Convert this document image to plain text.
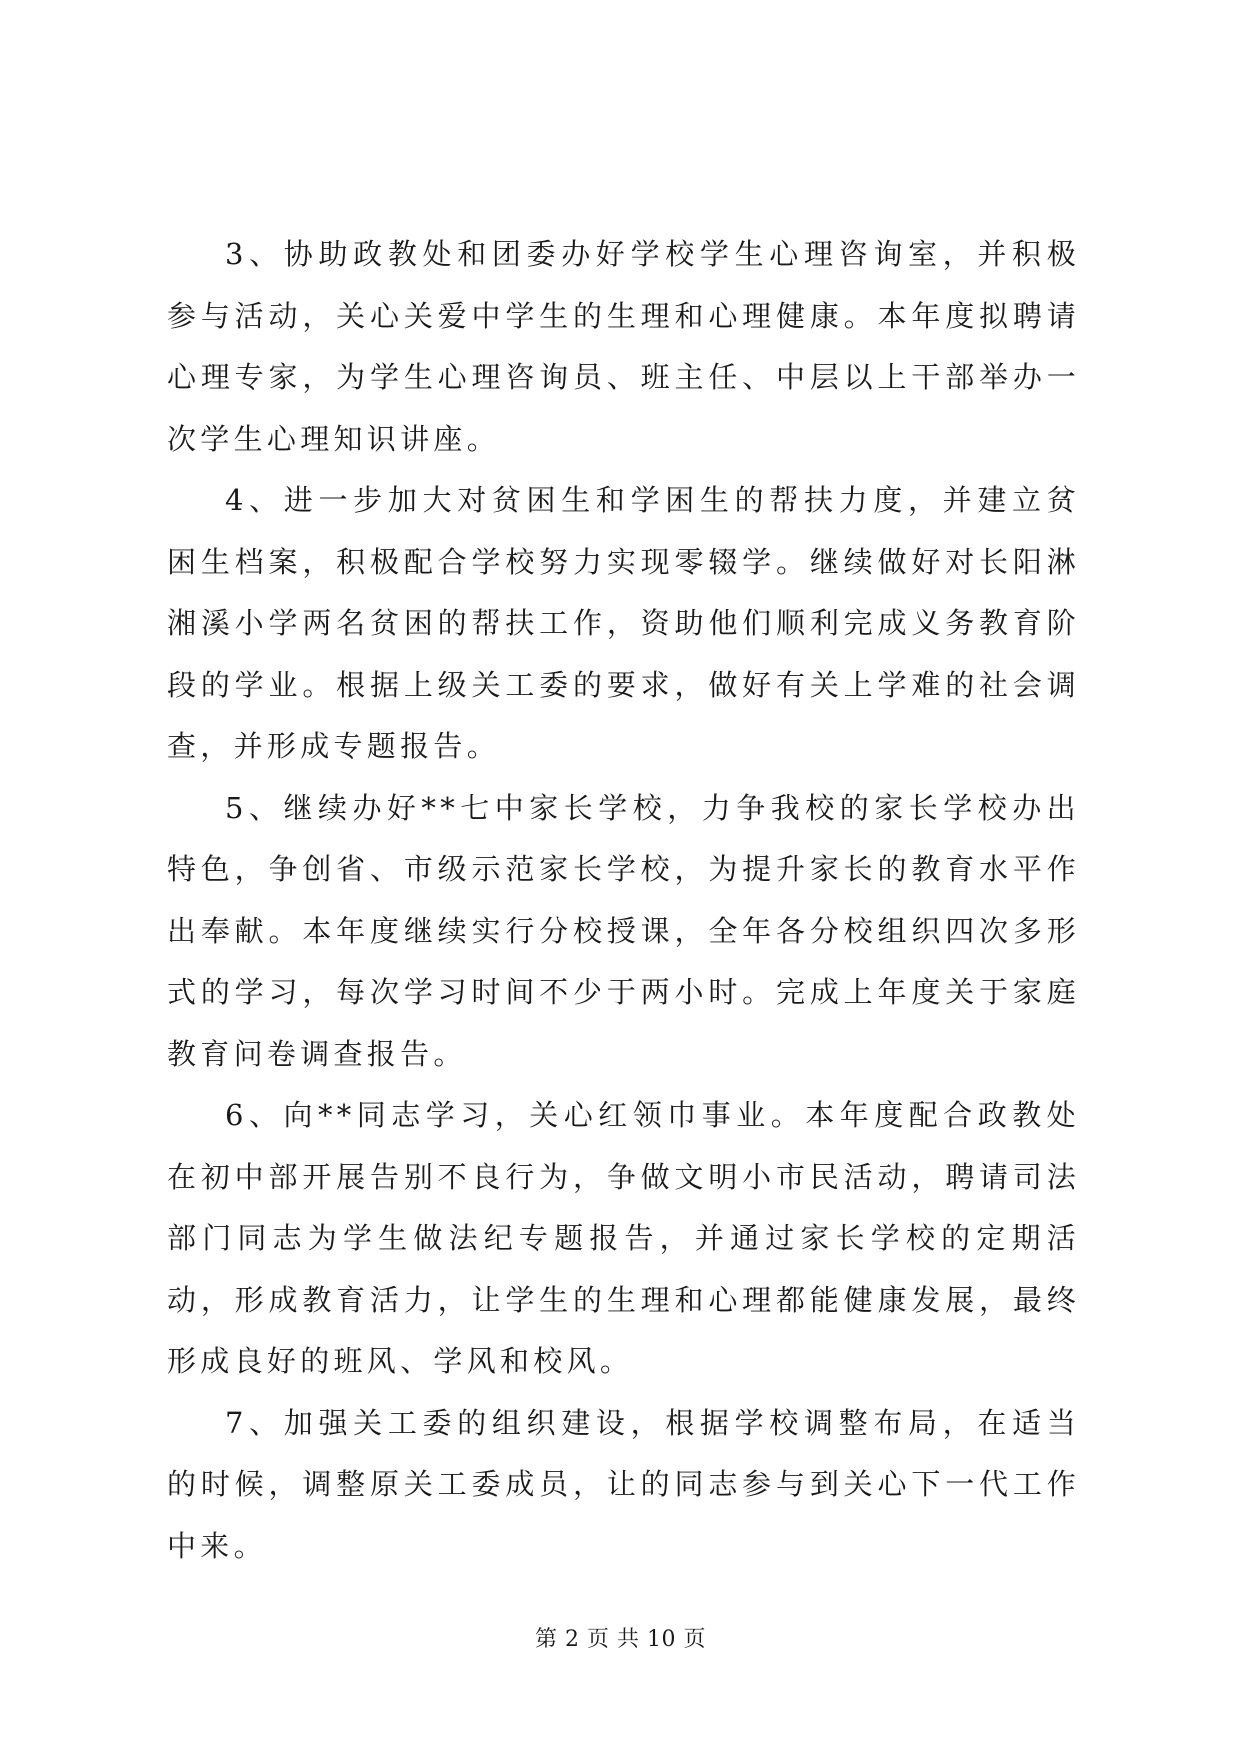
3、协助政教处和团委办好学校学生心理咨询室，并积极参与活动，关心关爱中学生的生理和心理健康。本年度拟聘请心理专家，为学生心理咨询员、班主任、中层以上干部举办一次学生心理知识讲座。

4、进一步加大对贫困生和学困生的帮扶力度，并建立贫困生档案，积极配合学校努力实现零辍学。继续做好对长阳淋湘溪小学两名贫困的帮扶工作，资助他们顺利完成义务教育阶段的学业。根据上级关工委的要求，做好有关上学难的社会调查，并形成专题报告。

5、继续办好**七中家长学校，力争我校的家长学校办出特色，争创省、市级示范家长学校，为提升家长的教育水平作出奉献。本年度继续实行分校授课，全年各分校组织四次多形式的学习，每次学习时间不少于两小时。完成上年度关于家庭教育问卷调查报告。

6、向**同志学习，关心红领巾事业。本年度配合政教处在初中部开展告别不良行为，争做文明小市民活动，聘请司法部门同志为学生做法纪专题报告，并通过家长学校的定期活动，形成教育活力，让学生的生理和心理都能健康发展，最终形成良好的班风、学风和校风。

7、加强关工委的组织建设，根据学校调整布局，在适当的时候，调整原关工委成员，让的同志参与到关心下一代工作中来。

第 2 页 共 10 页
